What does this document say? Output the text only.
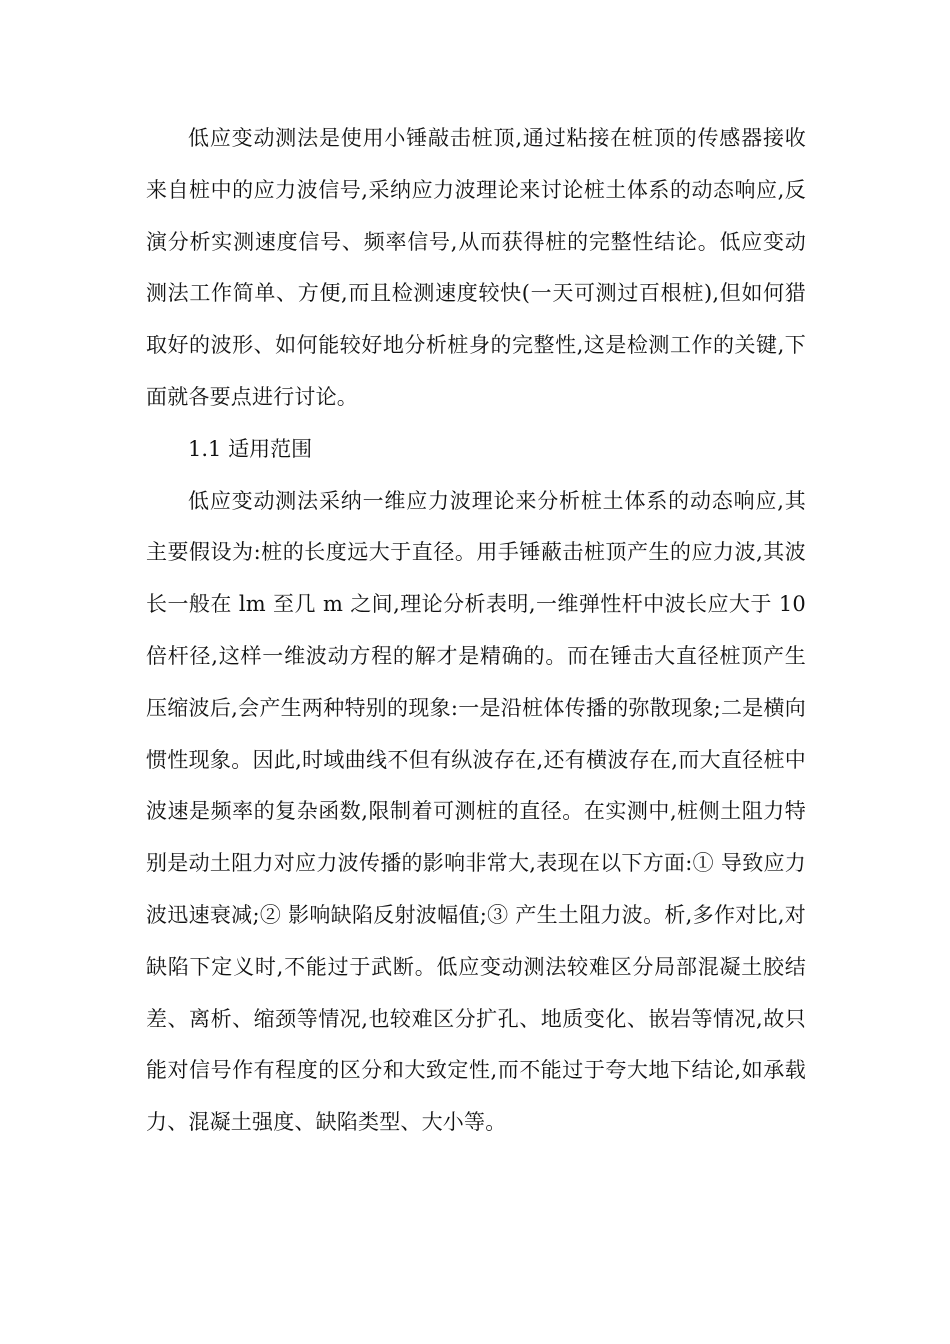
低应变动测法是使用小锤敲击桩顶,通过粘接在桩顶的传感器接收来自桩中的应力波信号,采纳应力波理论来讨论桩土体系的动态响应,反演分析实测速度信号、频率信号,从而获得桩的完整性结论。低应变动测法工作简单、方便,而且检测速度较快(一天可测过百根桩),但如何猎取好的波形、如何能较好地分析桩身的完整性,这是检测工作的关键,下面就各要点进行讨论。

1.1 适用范围

低应变动测法采纳一维应力波理论来分析桩土体系的动态响应,其主要假设为:桩的长度远大于直径。用手锤蔽击桩顶产生的应力波,其波长一般在 lm 至几 m 之间,理论分析表明,一维弹性杆中波长应大于 10 倍杆径,这样一维波动方程的解才是精确的。而在锤击大直径桩顶产生压缩波后,会产生两种特别的现象:一是沿桩体传播的弥散现象;二是横向惯性现象。因此,时域曲线不但有纵波存在,还有横波存在,而大直径桩中波速是频率的复杂函数,限制着可测桩的直径。在实测中,桩侧土阻力特别是动土阻力对应力波传播的影响非常大,表现在以下方面:① 导致应力波迅速衰减;② 影响缺陷反射波幅值;③ 产生土阻力波。析,多作对比,对缺陷下定义时,不能过于武断。低应变动测法较难区分局部混凝土胶结差、离析、缩颈等情况,也较难区分扩孔、地质变化、嵌岩等情况,故只能对信号作有程度的区分和大致定性,而不能过于夸大地下结论,如承载力、混凝土强度、缺陷类型、大小等。
